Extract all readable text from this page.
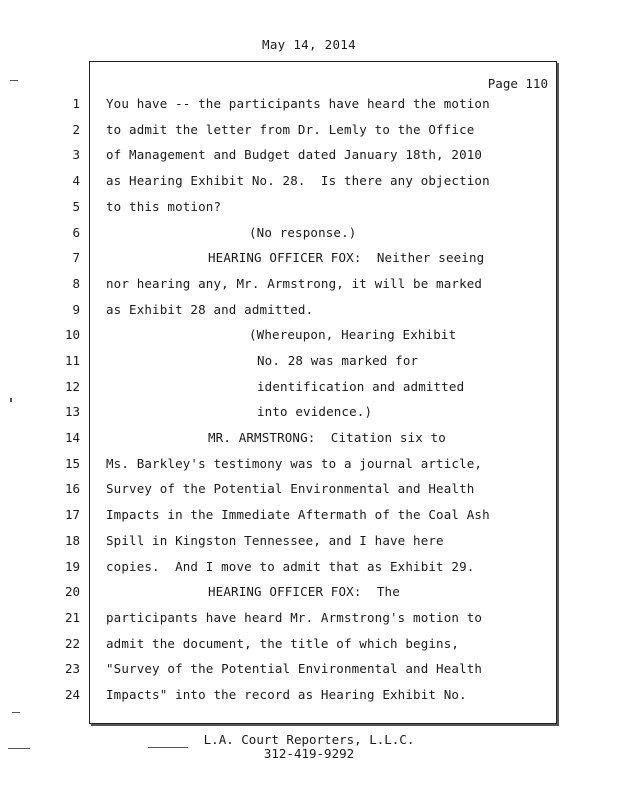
May 14, 2014
Page 110
1 You have -- the participants have heard the motion
2 to admit the letter from Dr. Lemly to the Office
3 of Management and Budget dated January 18th, 2010
4 as Hearing Exhibit No. 28.  Is there any objection
5 to this motion?
6	(No response.)
7	HEARING OFFICER FOX:  Neither seeing
8 nor hearing any, Mr. Armstrong, it will be marked
9 as Exhibit 28 and admitted.
10	(Whereupon, Hearing Exhibit
11	No. 28 was marked for
12	identification and admitted
13	into evidence.)
14	MR. ARMSTRONG:  Citation six to
15 Ms. Barkley's testimony was to a journal article,
16 Survey of the Potential Environmental and Health
17 Impacts in the Immediate Aftermath of the Coal Ash
18 Spill in Kingston Tennessee, and I have here
19 copies.  And I move to admit that as Exhibit 29.
20	HEARING OFFICER FOX:  The
21 participants have heard Mr. Armstrong's motion to
22 admit the document, the title of which begins,
23 "Survey of the Potential Environmental and Health
24 Impacts" into the record as Hearing Exhibit No.
L.A. Court Reporters, L.L.C.
312-419-9292
